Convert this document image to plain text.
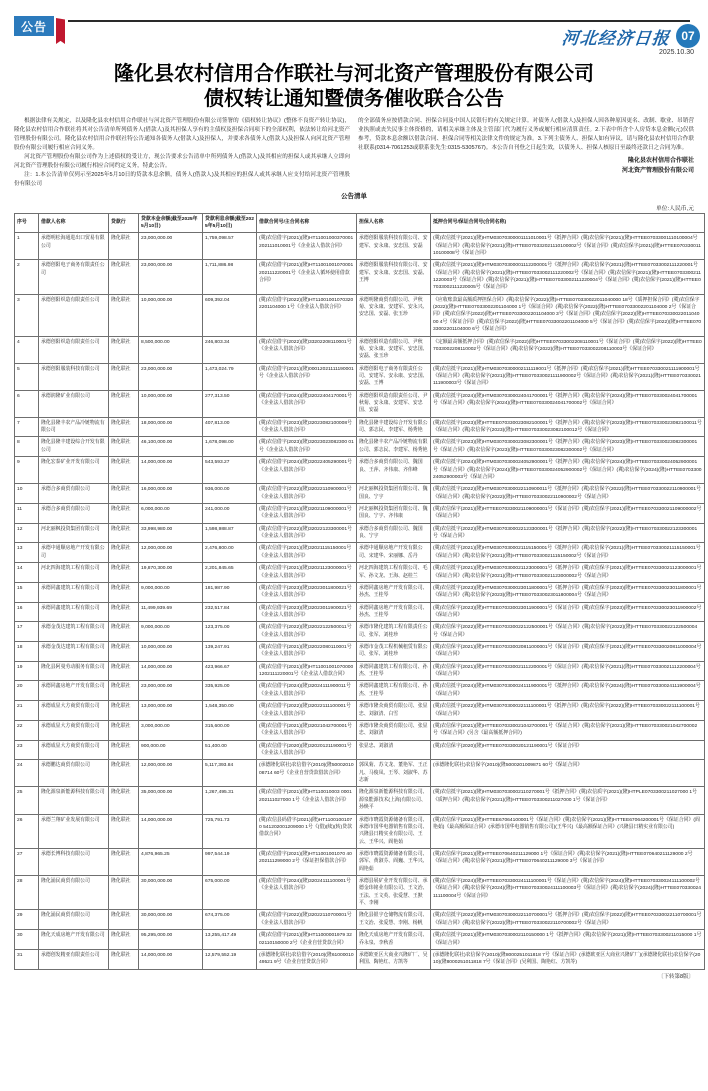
公告
河北经济日报 07
2025.10.30
隆化县农村信用合作联社与河北资产管理股份有限公司
债权转让通知暨债务催收联合公告

根据法律有关规定，以及隆化县农村信用合作联社与河北资产管理股份有限公司签署的《债权转让协议》(整体不良资产转让协议)，隆化县农村信用合作联社将其对公告清单所列债务人(借款人)及其担保人享有的主债权及担保合同项下的全部权利，依法转让给河北资产管理股份有限公司。隆化县农村信用合作联社特公告通知各债务人(借款人)及担保人，并要求各债务人(借款人)及担保人向河北资产管理股份有限公司履行相应合同义务。

河北资产管理股份有限公司作为上述债权的受让方，现公告要求公告清单中所列债务人(借款人)及其相应的担保人或其承继人立即向河北资产管理股份有限公司履行相应合同约定义务，特此公告。

注：1.本公告清单仅列示至2025年5月10日的贷款本息余额，债务人(借款人)及其相应的担保人或其承继人应支付给河北资产管理股份有限公司

的全部债务应按借款合同、担保合同及中国人民银行的有关规定计算。对债务人(借款人)及担保人因各种原因更名、改制、歇业、吊销营业执照或丧失民事主体资格的，请相关承继主体及主管部门代为履行义务或履行相应清算责任。2.下表中所含个人房贷本息金额(元)仅供参考，贷款本息余额以借款合同、担保合同等相关法律文件的规定为准。3.下列主债务人、担保人如有异议，请与隆化县农村信用合作联社联系(0314-7061253或联系张先生:0315-5305767)。本公告自刊登之日起生效，以债务人、担保人核原日至最终还款日之合同为准。

隆化县农村信用合作联社
河北资产管理股份有限公司
公告清单
单位:人民币,元
序号	借款人名称	贷款行	贷款本金余额(截至2025年5月10日)	贷款利息余额(截至2025年5月10日)	借款合同号/主合同名称	担保人名称	抵押合同号/保证合同号(合同名称)
1	承德明松海通进出口贸易有限公司	隆化联社	23,000,000.00	1,759,098.57	(冀)农信借字(2021)(隆)HT11001000370001202111010001号《企业法人借款合同》	承德创阳服装科技有限公司、安建军、安永康、安忠国、安磊	(冀)农信抵字(2021)(隆)HTM03070300001111010001号《抵押合同》(冀)农信保字(2021)(隆)HTTEE07033001110100004号《保证合同》(冀)农信保字(2021)(隆)HTTEE070332021110100002号《保证合同》(冀)农信保字(2021)(隆)HTTEE07033001110100008号《保证合同》
2	承德创阳电子商务有限责任公司	隆化联社	23,000,000.00	1,711,886.98	(冀)农信借字(2021)(隆)HT11001001070001202111220001号《企业法人循环使用借款合同》	承德创阳服装科技有限公司、安建军、安永康、安忠国、安磊、王博	(冀)农信抵字(2021)(隆)HTM03070300001112200001号《抵押合同》(冀)农信保字(2021)(隆)HTTEE07033002111220001号《保证合同》(冀)农信保字(2021)(隆)HTTEE07033002111220002号《保证合同》(冀)农信保字(2021)(隆)HTTEE07033002111220003号《保证合同》(冀)农信保字(2021)(隆)HTTEE07033002111220004号《保证合同》(冀)农信保字(2021)(隆)HTTEE07033002111220005号《保证合同》
3	承德创阳织造有限责任公司	隆化联社	10,000,000.00	609,392.04	(冀)农信借字(2022)(隆)HT110010010703202201104000 1号《企业法人借款合同》	承德明隆商贸有限公司、尹秋菊、安永康、安建军、安永兴、安忠国、安磊、张玉珍	《应收账款最高额质押担保合同》(冀)农信保字(2022)(隆)HTTEE070330022011040000 18号《质押担保合同》(冀)农信保字(2022)(隆)HTTEE07033002201104000 1号《保证合同》(冀)农信保字(2022)(隆)HTTEE07033002201104000 2号《保证合同》(冀)农信保字(2022)(隆)HTTEE07033002201104000 3号《保证合同》(冀)农信保字(2022)(隆)HTTEE07033002201104000 4号《保证合同》(冀)农信保字(2022)(隆)HTTEE07033002201104000 5号《保证合同》(冀)农信保字(2022)(隆)HTTEE07033002201104000 6号《保证合同》
4	承德创阳织造有限责任公司	隆化联社	8,500,000.00	246,803.34	(冀)农信借字(2022)(隆)33202208110001号《企业法人借款合同》	承德创阳织造有限公司、尹秋菊、安永康、安建军、安忠国、安磊、张玉珍	《定额最高额抵押合同》(冀)农信保字(2022)(隆)HTTEE07033002208110001号《保证合同》(冀)农信保字(2022)(隆)HTTEE07033002208110002号《保证合同》(冀)农信保字(2022)(隆)HTTEE07033002208110003号《保证合同》
5	承德创阳服装科技有限公司	隆化联社	23,000,000.00	1,473,024.79	(冀)农信借字(2021)(隆)00012021111190001号《企业法人借款合同》	承德创阳电子商务有限责任公司、安建军、安永康、安忠国、安磊、王博	(冀)农信抵字(2021)(隆)HTM03070300002111119001号《抵押合同》(冀)农信保字(2021)(隆)HTTEE070330021111900001号《保证合同》(冀)农信保字(2021)(隆)HTTEE070330021111900002号《保证合同》(冀)农信保字(2021)(隆)HTTEE070330021111900003号《保证合同》
6	承德润隆矿业有限公司	隆化联社	10,000,000.00	277,313.50	(冀)农信借字(2024)(隆)32022404170001号《企业法人借款合同》	承德创阳织造有限责任公司、尹秋菊、安永康、安建军、安忠国、安磊	(冀)农信抵字(2024)(隆)HTM03070300024041700001号《抵押合同》(冀)农信保字(2024)(隆)HTTEE070330024041700001号《保证合同》(冀)农信保字(2024)(隆)HTTEE070330024041700002号《保证合同》
7	隆化县隆丰农产品冷链物流有限公司	隆化联社	18,000,000.00	407,813.00	(冀)农信借字(2023)(隆)32023082100008号《企业法人借款合同》	隆化县隆丰建设综合开发有限公司、郭志民、李建军、杨秀艳	(冀)农信抵字(2023)(隆)HTTEE070330023082100001号《抵押合同》(冀)农信保字(2023)(隆)HTTEE070330023082100011号《保证合同》(冀)农信保字(2023)(隆)HTTEE070330023082100012号《保证合同》
8	隆化县隆丰建设综合开发有限公司	隆化联社	46,100,000.00	1,678,098.00	(冀)农信借字(2023)(隆)32023023082300 01号《企业法人借款合同》	隆化县隆丰农产品冷链物流有限公司、郭志民、李建军、杨秀艳	(冀)农信抵字(2023)(隆)HTM03070300023082300001号《抵押合同》(冀)农信保字(2023)(隆)HTTEE070330023082300001号《保证合同》(冀)农信保字(2023)(隆)HTTEE070330023082300002号《保证合同》
9	隆化宏泰矿业开发有限公司	隆化联社	14,000,000.00	543,593.27	(冀)农信借字(2024)(隆)32022405290001号《企业法人借款合同》	承德合多商贸有限公司、魏国良、王萍、齐伟康、齐伟峰	(冀)农信抵字(2024)(隆)HTM03070300024052900001号《抵押合同》(冀)农信保字(2024)(隆)HTTEE070330024052900001号《保证合同》(冀)农信保字(2024)(隆)HTTEE070330024052900002号《保证合同》(冀)农信保字(2024)(隆)HTTEE070330024052900003号《保证合同》
10	承德合多商贸有限公司	隆化联社	16,000,000.00	936,000.00	(冀)农信借字(2022)(隆)32022110900001号《企业法人借款合同》	河北丽枫投资集团有限公司、魏国良、宁宇	(冀)农信抵字(2022)(隆)HTM03070300022110900011号《抵押合同》(冀)农信保字(2022)(隆)HTTEE070330022110900001号《保证合同》(冀)农信保字(2022)(隆)HTTEE070330022110900002号《保证合同》
11	承德合多商贸有限公司	隆化联社	6,000,000.00	241,000.00	(冀)农信借字(2021)(隆)32021109000001号《企业法人借款合同》	河北丽枫投资集团有限公司、魏国良、宁宇、齐伟康	(冀)农信保字(2021)(隆)HTTEE070330021109000001号《保证合同》(冀)农信保字(2021)(隆)HTTEE070330021109000002号《保证合同》
12	河北丽枫投资集团有限公司	隆化联社	33,998,980.00	1,598,988.87	(冀)农信借字(2022)(隆)32022123300001号《企业法人借款合同》	承德合多商贸有限公司、魏国良、宁宇	(冀)农信抵字(2022)(隆)HTM03070300022123300001号《抵押合同》(冀)农信保字(2022)(隆)HTTEE070330022123300001号《保证合同》
13	承德中通顺房地产开发有限公司	隆化联社	12,000,000.00	2,476,800.00	(冀)农信借字(2021)(隆)32021115150001号《企业法人借款合同》	承德中通顺房地产开发有限公司、宋建华、宋丽娜、岳丹	(冀)农信抵字(2021)(隆)HTM03070300021115150001号《抵押合同》(冀)农信保字(2021)(隆)HTTEE070330021115150001号《保证合同》(冀)农信保字(2021)(隆)HTTEE070330021115150002号《保证合同》
14	河北四海建筑工程有限公司	隆化联社	19,870,300.00	2,201,845.65	(冀)农信借字(2021)(隆)32021123000001号《企业法人借款合同》	河北四海建筑工程有限公司、毛军、孙文龙、王海、赵桂兰	(冀)农信抵字(2021)(隆)HTM03070300021123000001号《抵押合同》(冀)农信保字(2021)(隆)HTTEE070330021123000001号《保证合同》(冀)农信保字(2021)(隆)HTTEE070330021123000002号《保证合同》
15	承德同鑫建筑工程有限公司	隆化联社	9,000,000.00	181,987.90	(冀)农信借字(2023)(隆)32023011800021号《企业法人借款合同》	承德同鑫房地产开发有限公司、孙杰、王桂琴	(冀)农信抵字(2023)(隆)HTM03070300023011800001号《抵押合同》(冀)农信保字(2023)(隆)HTTEE070330023011800001号《保证合同》(冀)农信保字(2023)(隆)HTTEE070330023011800004号《保证合同》
16	承德同鑫建筑工程有限公司	隆化联社	11,499,939.69	232,517.84	(冀)农信借字(2023)(隆)32023011900021号《企业法人借款合同》	承德同鑫房地产开发有限公司、孙杰、王桂琴	(冀)农信保字(2023)(隆)HTTEE070330023011900001号《保证合同》(冀)农信保字(2023)(隆)HTTEE070330023011900002号《保证合同》
17	承德金茂达建筑工程有限公司	隆化联社	9,000,000.00	123,375.00	(冀)农信借字(2022)(隆)32022122500011号《企业法人借款合同》	承德市隆化建筑工程有限责任公司、张军、刘桂珍	(冀)农信保字(2022)(隆)HTTEE070330022122500001号《保证合同》(冀)农信保字(2022)(隆)HTTEE070330022122500004号《保证合同》
18	承德金茂达建筑工程有限公司	隆化联社	10,000,000.00	139,247.91	(冀)农信借字(2021)(隆)32022080110001号《企业法人借款合同》	承德市金茂工程机械租赁有限公司、张军、刘桂珍	(冀)农信保字(2021)(隆)HTTEE070330020811000001号《保证合同》(冀)农信保字(2021)(隆)HTTEE070330020811000004号《保证合同》
19	隆化县阿曼劳动服务有限公司	隆化联社	14,000,000.00	423,966.67	(冀)农信借字(2021)(隆)HT110010010700001202111220001号《企业法人借款合同》	承德同鑫建筑工程有限公司、孙杰、王桂琴	(冀)农信保字(2021)(隆)HTTEE070330021112200001号《保证合同》(冀)农信保字(2021)(隆)HTTEE070330021112200004号《保证合同》
20	承德同鑫房地产开发有限公司	隆化联社	23,000,000.00	335,925.00	(冀)农信借字(2024)(隆)32024111900011号《企业法人借款合同》	承德同鑫建筑工程有限公司、孙杰、王桂琴	(冀)农信抵字(2024)(隆)HTM03070300024111900001号《抵押合同》(冀)农信保字(2024)(隆)HTTEE070330024111900004号《保证合同》
21	承德成显大方商贸有限公司	隆化联社	13,000,000.00	1,548,350.00	(冀)农信借字(2022)(隆)32022111100001号《企业法人借款合同》	承德市隆众商贸有限公司、张显忠、刘淑清、白雪	(冀)农信抵字(2022)(隆)HTM03070300022111100001号《抵押合同》(冀)农信保字(2022)(隆)HTTEE070330022111100001号《保证合同》
22	承德成显大方商贸有限公司	隆化联社	3,000,000.00	315,600.00	(冀)农信借字(2021)(隆)32021042700001号《企业法人借款合同》	承德市隆众商贸有限公司、张显忠、刘淑清	(冀)农信保字(2021)(隆)HTTEE070330021042700001号《保证合同》(冀)农信保字(2021)(隆)HTTEE070330021042700002号《保证合同》(另含《最高额抵押合同》)
23	承德成显大方商贸有限公司	隆化联社	900,000.00	51,400.00	(冀)农信借字(2020)(隆)32020121190001号《企业法人借款合同》	张显忠、刘淑清	(冀)农信保字(2020)(隆)HTTEE070330020121190001号《保证合同》
24	承德鹏达商贸有限公司	隆化联社	12,000,000.00	5,117,393.84	(承德隆化联社)农信借字(2010)(隆5000201008714 60号《企业自营贷款借款合同》	郭凤菊、苏文龙、董艳军、王正凡、马俊凤、王琴、刘淑华、苏志新	(承德隆化联社)农信保字(2010)(隆5000201009871 60号《保证合同》
25	隆化源泉新能源科技有限公司	隆化联社	35,000,000.00	1,267,495.31	(冀)农信借字(2021)(隆)HT110010003 0001202111027000 1号《企业法人借款合同》	隆化源泉新能源科技有限公司、源泉能源技术(上海)有限公司、孙焕平	(冀)农信抵字(2021)(隆)HTM0307030002110270001号《抵押合同》(冀)农信质字(2021)(隆)HTPLE0703300211027000 1号《质押合同》(冀)农信保字(2021)(隆)HTTEE0703300211027000 1号《保证合同》
26	承德兰翔矿业发展有限公司	隆化联社	14,000,000.00	725,791.73	(冀)农信县码借字(2021)(隆)HT11001001070 541202001209000 1号《(借)(续)(转)贷款借款合同》	承德市晓霞资源储备有限公司、承德市国华电器销售有限公司、兴隆县日精实业有限公司、王云、王华兴、阎艳茹	(冀)农信保字(2021)(隆)HTTEE67064100001号《保证合同》(冀)农信保字(2021)(隆)HTTEE67064200001号《保证合同》(阎艳茹)《最高额保证合同》(承德市国华电器销售有限公司)(王华兴)《最高额保证合同》(兴隆县日精实业有限公司)
27	承德长博科技有限公司	隆化联社	4,876,965.25	997,544.19	(冀)农信借字(2021)(隆)HT11001001070 40202111299000 2号《保证担保借款合同》	承德市晓霞资源储备有限公司、郭军、黄淑芬、阎巍、王华兴、阎艳茹	(冀)农信保字(2021)(隆)HTTEE070640211129000 1号《保证合同》(冀)农信保字(2021)(隆)HTTEE070640211129000 2号《保证合同》(冀)农信保字(2021)(隆)HTTEE070640211129000 3号《保证合同》
28	隆化涌民商贸有限公司	隆化联社	30,000,000.00	675,000.00	(冀)农信借字(2024)(隆)32024111100001号《企业法人借款合同》	承德县展矿业开发有限公司、承德金玮铭业有限公司、王文治、王法、王文英、张爱慧、王默平、李刚	(冀)农信保字(2024)(隆)HTTEE070330024111100001号《保证合同》(冀)农信保字(2024)(隆)HTTEE070330024111100002号《保证合同》(冀)农信保字(2024)(隆)HTTEE070330024111100003号《保证合同》(冀)农信保字(2024)(隆)HTTEE070330024111100004号《保证合同》
29	隆化涌民商贸有限公司	隆化联社	30,000,000.00	674,375.00	(冀)农信借字(2022)(隆)32022110700001号《企业法人借款合同》	隆化县银宇仓储物流有限公司、王文治、张爱慧、李刚、杨帆	(冀)农信抵字(2022)(隆)HTM03070300022110700001号《抵押合同》(冀)农信保字(2022)(隆)HTTEE070330022110700001号《保证合同》(冀)农信保字(2022)(隆)HTTEE070330022110700002号《保证合同》
30	隆化天成房地产开发有限公司	隆化联社	95,295,000.00	13,255,417.49	(冀)农信借字(2021)(隆)HT11000001979 3202110150000 2号《企业自营贷款合同》	隆化天成房地产开发有限公司、乔永泉、李秋香	(冀)农信抵字(2021)(隆)HTM0307030002110150000 1号《抵押合同》(冀)农信保字(2021)(隆)HTTEE0703300211015000 1号《保证合同》
31	承德创发精亚有限责任公司	隆化联社	14,000,000.00	12,579,552.19	(承德隆化联社)农信借字(2010)(隆6100001049521 9号《企业自营贷款合同》	承德欧亚区大商业兴隆矿厂、吴利国、陶艳红、方凯等	(承德隆化联社)农信保字(2010)(隆8000251011818 7号《保证合同》(承德欧亚区大商业兴隆矿厂)(承德隆化联社)农信保字(2010)(隆8000251011818 7号《保证合同》(吴利国、陶艳红、方凯等)
〔下转第8版〕
